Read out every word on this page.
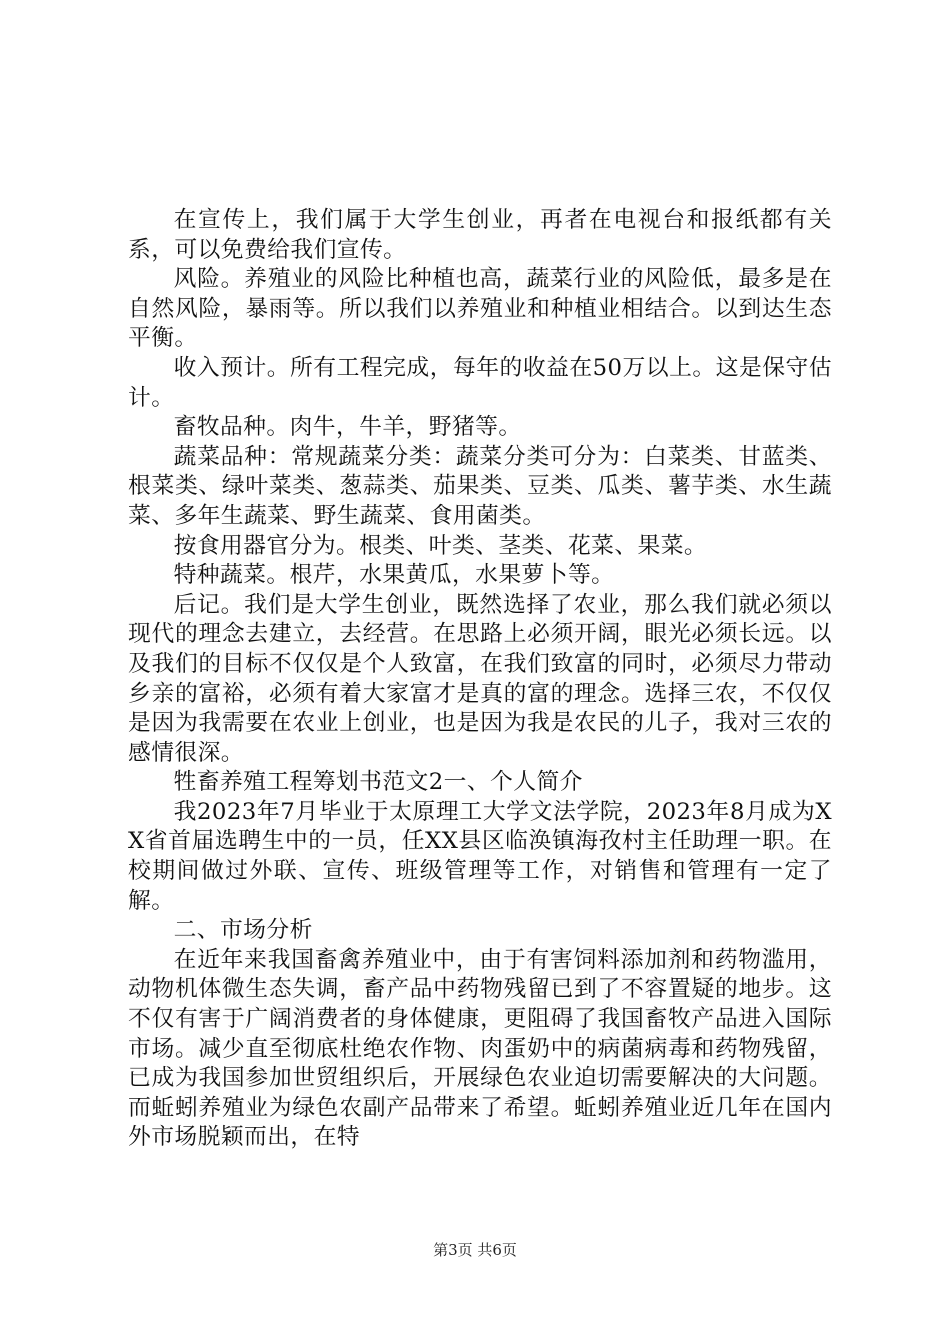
在宣传上，我们属于大学生创业，再者在电视台和报纸都有关系，可以免费给我们宣传。

风险。养殖业的风险比种植也高，蔬菜行业的风险低，最多是在自然风险，暴雨等。所以我们以养殖业和种植业相结合。以到达生态平衡。

收入预计。所有工程完成，每年的收益在50万以上。这是保守估计。

畜牧品种。肉牛，牛羊，野猪等。

蔬菜品种：常规蔬菜分类：蔬菜分类可分为：白菜类、甘蓝类、根菜类、绿叶菜类、葱蒜类、茄果类、豆类、瓜类、薯芋类、水生蔬菜、多年生蔬菜、野生蔬菜、食用菌类。

按食用器官分为。根类、叶类、茎类、花菜、果菜。

特种蔬菜。根芹，水果黄瓜，水果萝卜等。

后记。我们是大学生创业，既然选择了农业，那么我们就必须以现代的理念去建立，去经营。在思路上必须开阔，眼光必须长远。以及我们的目标不仅仅是个人致富，在我们致富的同时，必须尽力带动乡亲的富裕，必须有着大家富才是真的富的理念。选择三农，不仅仅是因为我需要在农业上创业，也是因为我是农民的儿子，我对三农的感情很深。

牲畜养殖工程筹划书范文2一、个人简介

我2023年7月毕业于太原理工大学文法学院，2023年8月成为XX省首届选聘生中的一员，任XX县区临涣镇海孜村主任助理一职。在校期间做过外联、宣传、班级管理等工作，对销售和管理有一定了解。

二、市场分析

在近年来我国畜禽养殖业中，由于有害饲料添加剂和药物滥用，动物机体微生态失调，畜产品中药物残留已到了不容置疑的地步。这不仅有害于广阔消费者的身体健康，更阻碍了我国畜牧产品进入国际市场。减少直至彻底杜绝农作物、肉蛋奶中的病菌病毒和药物残留，已成为我国参加世贸组织后，开展绿色农业迫切需要解决的大问题。而蚯蚓养殖业为绿色农副产品带来了希望。蚯蚓养殖业近几年在国内外市场脱颖而出，在特

第3页 共6页
